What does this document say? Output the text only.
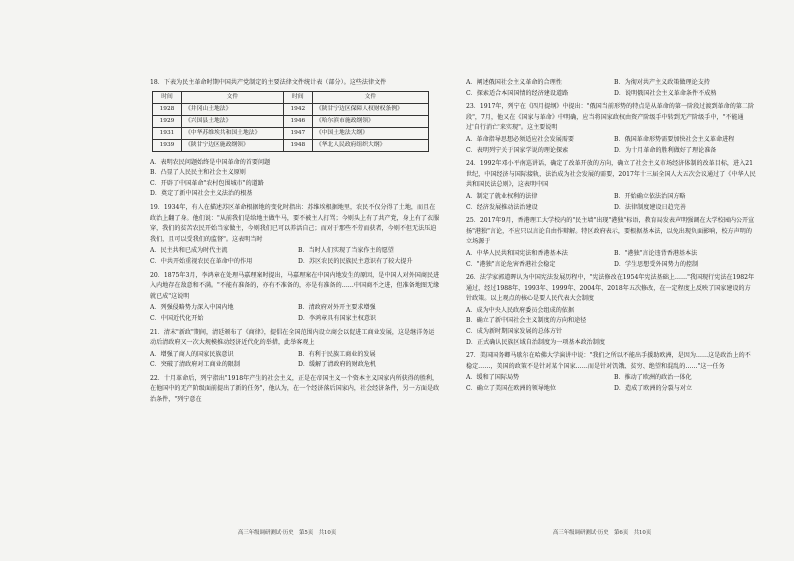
18．下表为民主革命时期中国共产党制定的主要法律文件统计表（部分）。这些法律文件
时间	文件	时间	文件
1928	《井冈山土地法》	1942	《陕甘宁边区保障人权财权条例》
1929	《兴国县土地法》	1946	《哈尔滨市施政纲领》
1931	《中华苏维埃共和国土地法》	1947	《中国土地法大纲》
1939	《陕甘宁边区施政纲领》	1948	《华北人民政府组织大纲》
A．表明农民问题始终是中国革命的首要问题
B．凸显了人民民主和社会主义原则
C．开辟了中国革命"农村包围城市"的道路
D．奠定了新中国社会主义法治的根基
19．1934年，有人在描述苏区革命根据地的变化时指出：苏维埃根据地里，农民不仅分得了土地，而且在政治上翻了身。他们说："从前我们是给地主做牛马，要不被主人打骂；今则头上有了共产党，身上有了衣服穿，我们的贫苦农民开始当家做主，今则我们已可以养活自己；而对于那些不劳而获者，今则不但无法压迫我们，且可以受我们的监督"。这表明当时
A．民主共和已成为时代主流	B．当时人们实现了当家作主的愿望
C．中共开始重视农民在革命中的作用	D．苏区农民的民族民主意识有了较大提升
20．1875年3月，李鸿章在处理马嘉理案时提出，马嘉理案在中国内地发生的原因，是中国人对外国商民进入内地存在敌意和不满。"不能有准备的，亦有不准备的，亦是有准备的……中国商不之进，但准备地图无缘就已成"这说明
A．列强侵略势力深入中国内地	B．清政府对外开主要求增强
C．中国近代化开始	D．李鸿章具有国家主权意识
21．清末"新政"期间，清廷颁布了《商律》，提倡在全国范围内设立商会以促进工商业发展，这是继洋务运动后清政府又一次大规模推动经济近代化的举措，此举客观上
A．增强了商人的国家民族意识	B．有利于民族工商业的发展
C．突破了清政府对工商业的限制	D．缓解了清政府的财政危机
22．十月革命后，列宁指出"1918年产生的社会主义，正是在帝国主义一个资本主义国家内所获得的胜利，在他国中的无产阶级面前提出了新的任务"，他认为，在一个经济落后国家内，社会经济条件，另一方面是政治条件，"列宁意在
A．阐述俄国社会主义革命的合理性	B．为彻对共产主义政策做理论支持
C．探索适合本国国情的经济建设道路	D．说明俄国社会主义革命条件不成熟
23．1917年，列宁在《四月提纲》中提出："俄国当前形势的特点是从革命的第一阶段过渡到革命的第二阶段"，7月，他又在《国家与革命》中明确，应当将国家政权由资产阶级手中转到无产阶级手中，"不能通过'自行消亡'来实现"。这主要说明
A．革命指导思想必须适应社会发展需要	B．俄国革命形势需要加快社会主义革命进程
C．表明列宁关于国家学说的理论探索	D．为十月革命的胜利做好了理论准备
24．1992年邓小平南巡讲话，确定了改革开放的方向，确立了社会主义市场经济体制的改革目标，进入21世纪，中国经济与国际接轨，法治成为社会发展的需要，2017年十三届全国人大五次会议通过了《中华人民共和国民法总则》，这表明中国
A．制定了就业权利的法律	B．开始确立依法治国方略
C．经济发展推动法治建设	D．法律制度建设日趋完善
25．2017年9月，香港理工大学校内的"民主墙"出现"港独"标语，教育局发表声明强调在大学校园内公开宣扬"港独"言论，不应只以言论自由作辩解。特区政府表示，要根据基本法，以免出现负面影响，校方声明的立场源于
A．中华人民共和国宪法和香港基本法	B．"港独"言论违背香港基本法
C．"港独"言论危害香港社会稳定	D．学生思想受外国势力的控制
26．法学家郭道晖认为中国宪法发展历程中，"宪法修改在1954年宪法基础上……"我国现行宪法在1982年通过，经过1988年、1993年、1999年、2004年、2018年五次修改，在一定程度上反映了国家建设的方针政策。以上观点的核心是要人民代表大会制度
A．成为中央人民政府委员会组成的依据
B．确立了新中国社会主义制度的方向和途径
C．成为新时期国家发展的总体方针
D．正式确认民族区域自治制度为一项基本政治制度
27．美国国务卿马歇尔在哈佛大学演讲中说："我们之所以不能出手援助欧洲，是因为……这是政治上的不稳定……，美国的政策不是针对某个国家……而是针对饥饿、贫穷、绝望和混乱的……"这一任务
A．缓和了国际局势	B．推动了欧洲的政治一体化
C．确立了美国在欧洲的领导地位	D．造成了欧洲的分裂与对立
高三年级调研测试·历史　第5页　共10页	高三年级调研测试·历史　第6页　共10页
